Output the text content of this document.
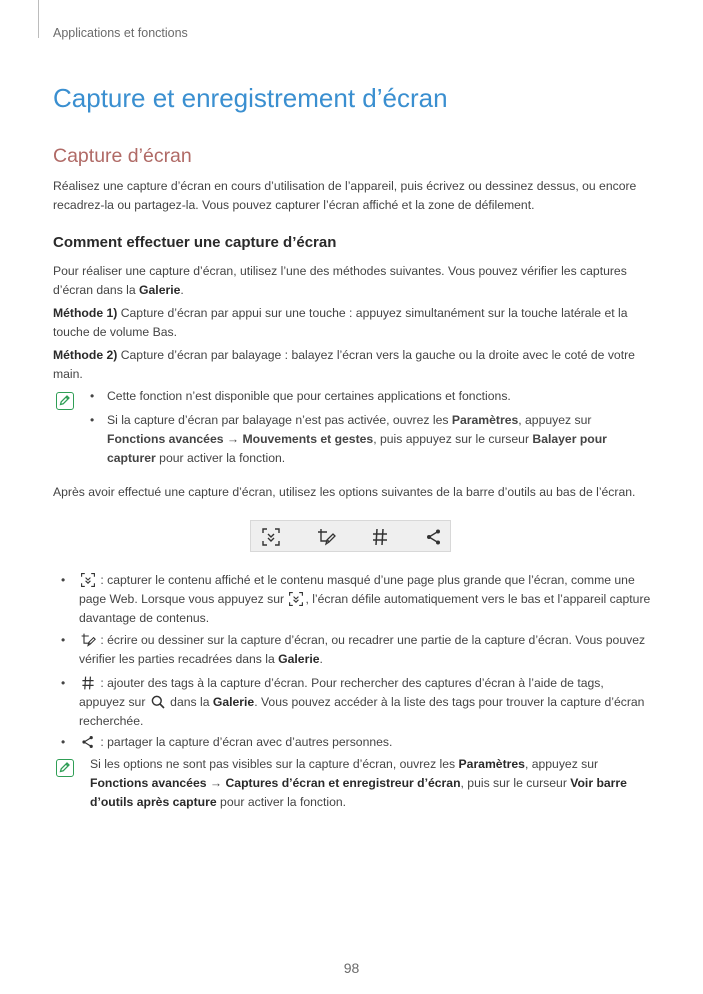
Applications et fonctions
Capture et enregistrement d’écran
Capture d’écran
Réalisez une capture d’écran en cours d’utilisation de l’appareil, puis écrivez ou dessinez dessus, ou encore recadrez-la ou partagez-la. Vous pouvez capturer l’écran affiché et la zone de défilement.
Comment effectuer une capture d’écran
Pour réaliser une capture d’écran, utilisez l’une des méthodes suivantes. Vous pouvez vérifier les captures d’écran dans la Galerie.
Méthode 1) Capture d’écran par appui sur une touche : appuyez simultanément sur la touche latérale et la touche de volume Bas.
Méthode 2) Capture d’écran par balayage : balayez l’écran vers la gauche ou la droite avec le coté de votre main.
• Cette fonction n’est disponible que pour certaines applications et fonctions.
• Si la capture d’écran par balayage n’est pas activée, ouvrez les Paramètres, appuyez sur Fonctions avancées → Mouvements et gestes, puis appuyez sur le curseur Balayer pour capturer pour activer la fonction.
Après avoir effectué une capture d’écran, utilisez les options suivantes de la barre d’outils au bas de l’écran.
•	: capturer le contenu affiché et le contenu masqué d’une page plus grande que l’écran, comme une page Web. Lorsque vous appuyez sur , l’écran défile automatiquement vers le bas et l’appareil capture davantage de contenus.
•	: écrire ou dessiner sur la capture d’écran, ou recadrer une partie de la capture d’écran. Vous pouvez vérifier les parties recadrées dans la Galerie.
•	: ajouter des tags à la capture d’écran. Pour rechercher des captures d’écran à l’aide de tags, appuyez sur  dans la Galerie. Vous pouvez accéder à la liste des tags pour trouver la capture d’écran recherchée.
•	: partager la capture d’écran avec d’autres personnes.
Si les options ne sont pas visibles sur la capture d’écran, ouvrez les Paramètres, appuyez sur Fonctions avancées → Captures d’écran et enregistreur d’écran, puis sur le curseur Voir barre d’outils après capture pour activer la fonction.
98
